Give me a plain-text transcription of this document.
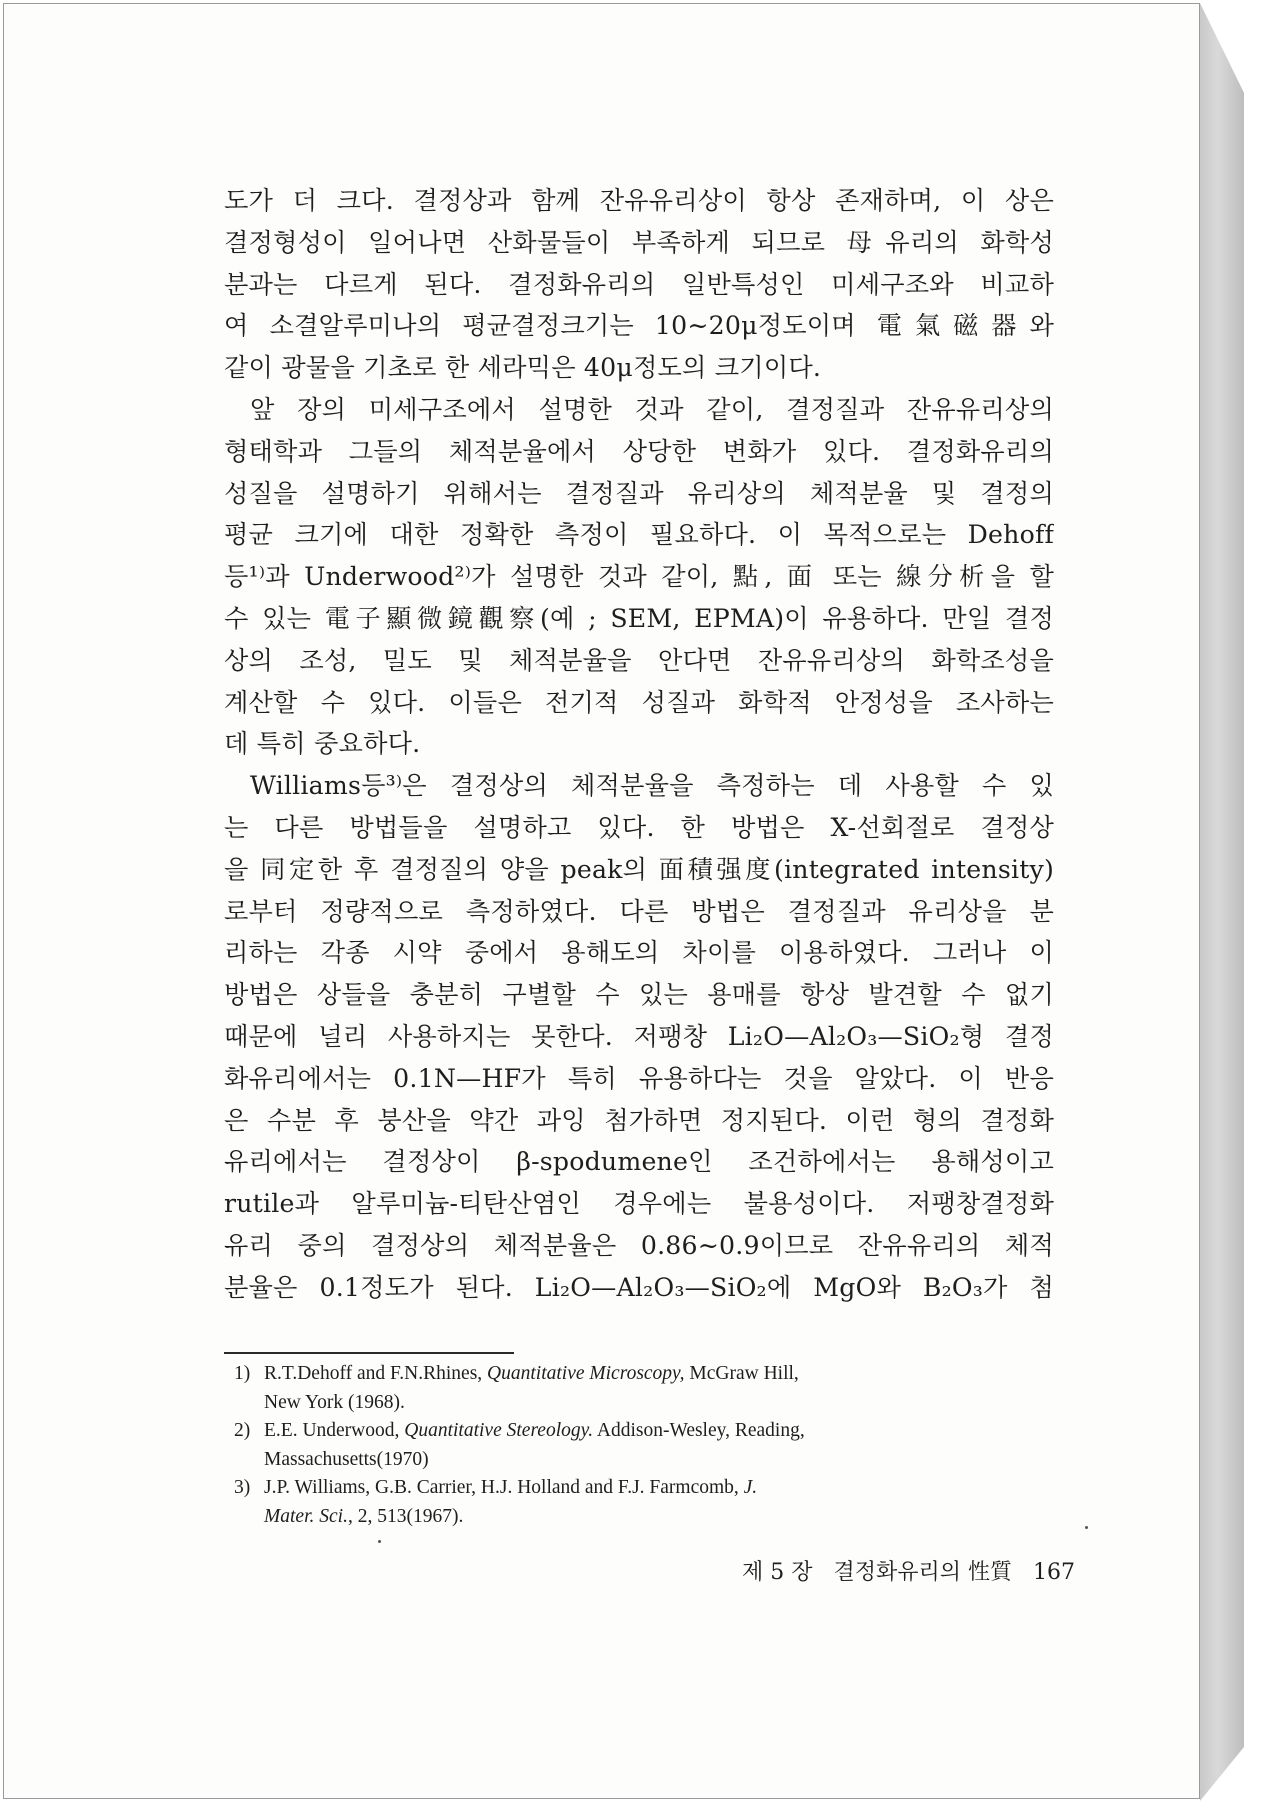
도가 더 크다. 결정상과 함께 잔유유리상이 항상 존재하며, 이 상은
결정형성이 일어나면 산화물들이 부족하게 되므로 母유리의 화학성
분과는 다르게 된다. 결정화유리의 일반특성인 미세구조와 비교하
여 소결알루미나의 평균결정크기는 10∼20μ정도이며 電氣磁器와
같이 광물을 기초로 한 세라믹은 40μ정도의 크기이다.
앞 장의 미세구조에서 설명한 것과 같이, 결정질과 잔유유리상의
형태학과 그들의 체적분율에서 상당한 변화가 있다. 결정화유리의
성질을 설명하기 위해서는 결정질과 유리상의 체적분율 및 결정의
평균 크기에 대한 정확한 측정이 필요하다. 이 목적으로는 Dehoff
등¹⁾과 Underwood²⁾가 설명한 것과 같이, 點, 面 또는 線分析을 할
수 있는 電子顯微鏡觀察(예 ; SEM, EPMA)이 유용하다. 만일 결정
상의 조성, 밀도 및 체적분율을 안다면 잔유유리상의 화학조성을
계산할 수 있다. 이들은 전기적 성질과 화학적 안정성을 조사하는
데 특히 중요하다.
Williams등³⁾은 결정상의 체적분율을 측정하는 데 사용할 수 있
는 다른 방법들을 설명하고 있다. 한 방법은 X-선회절로 결정상
을 同定한 후 결정질의 양을 peak의 面積强度(integrated intensity)
로부터 정량적으로 측정하였다. 다른 방법은 결정질과 유리상을 분
리하는 각종 시약 중에서 용해도의 차이를 이용하였다. 그러나 이
방법은 상들을 충분히 구별할 수 있는 용매를 항상 발견할 수 없기
때문에 널리 사용하지는 못한다. 저팽창 Li₂O—Al₂O₃—SiO₂형 결정
화유리에서는 0.1N—HF가 특히 유용하다는 것을 알았다. 이 반응
은 수분 후 붕산을 약간 과잉 첨가하면 정지된다. 이런 형의 결정화
유리에서는 결정상이 β-spodumene인 조건하에서는 용해성이고
rutile과 알루미늄-티탄산염인 경우에는 불용성이다. 저팽창결정화
유리 중의 결정상의 체적분율은 0.86∼0.9이므로 잔유유리의 체적
분율은 0.1정도가 된다. Li₂O—Al₂O₃—SiO₂에 MgO와 B₂O₃가 첨
1) R.T.Dehoff and F.N.Rhines, Quantitative Microscopy, McGraw Hill,
New York (1968).
2) E.E. Underwood, Quantitative Stereology. Addison-Wesley, Reading,
Massachusetts(1970)
3) J.P. Williams, G.B. Carrier, H.J. Holland and F.J. Farmcomb, J.
Mater. Sci., 2, 513(1967).
제 5 장 결정화유리의 性質 167
